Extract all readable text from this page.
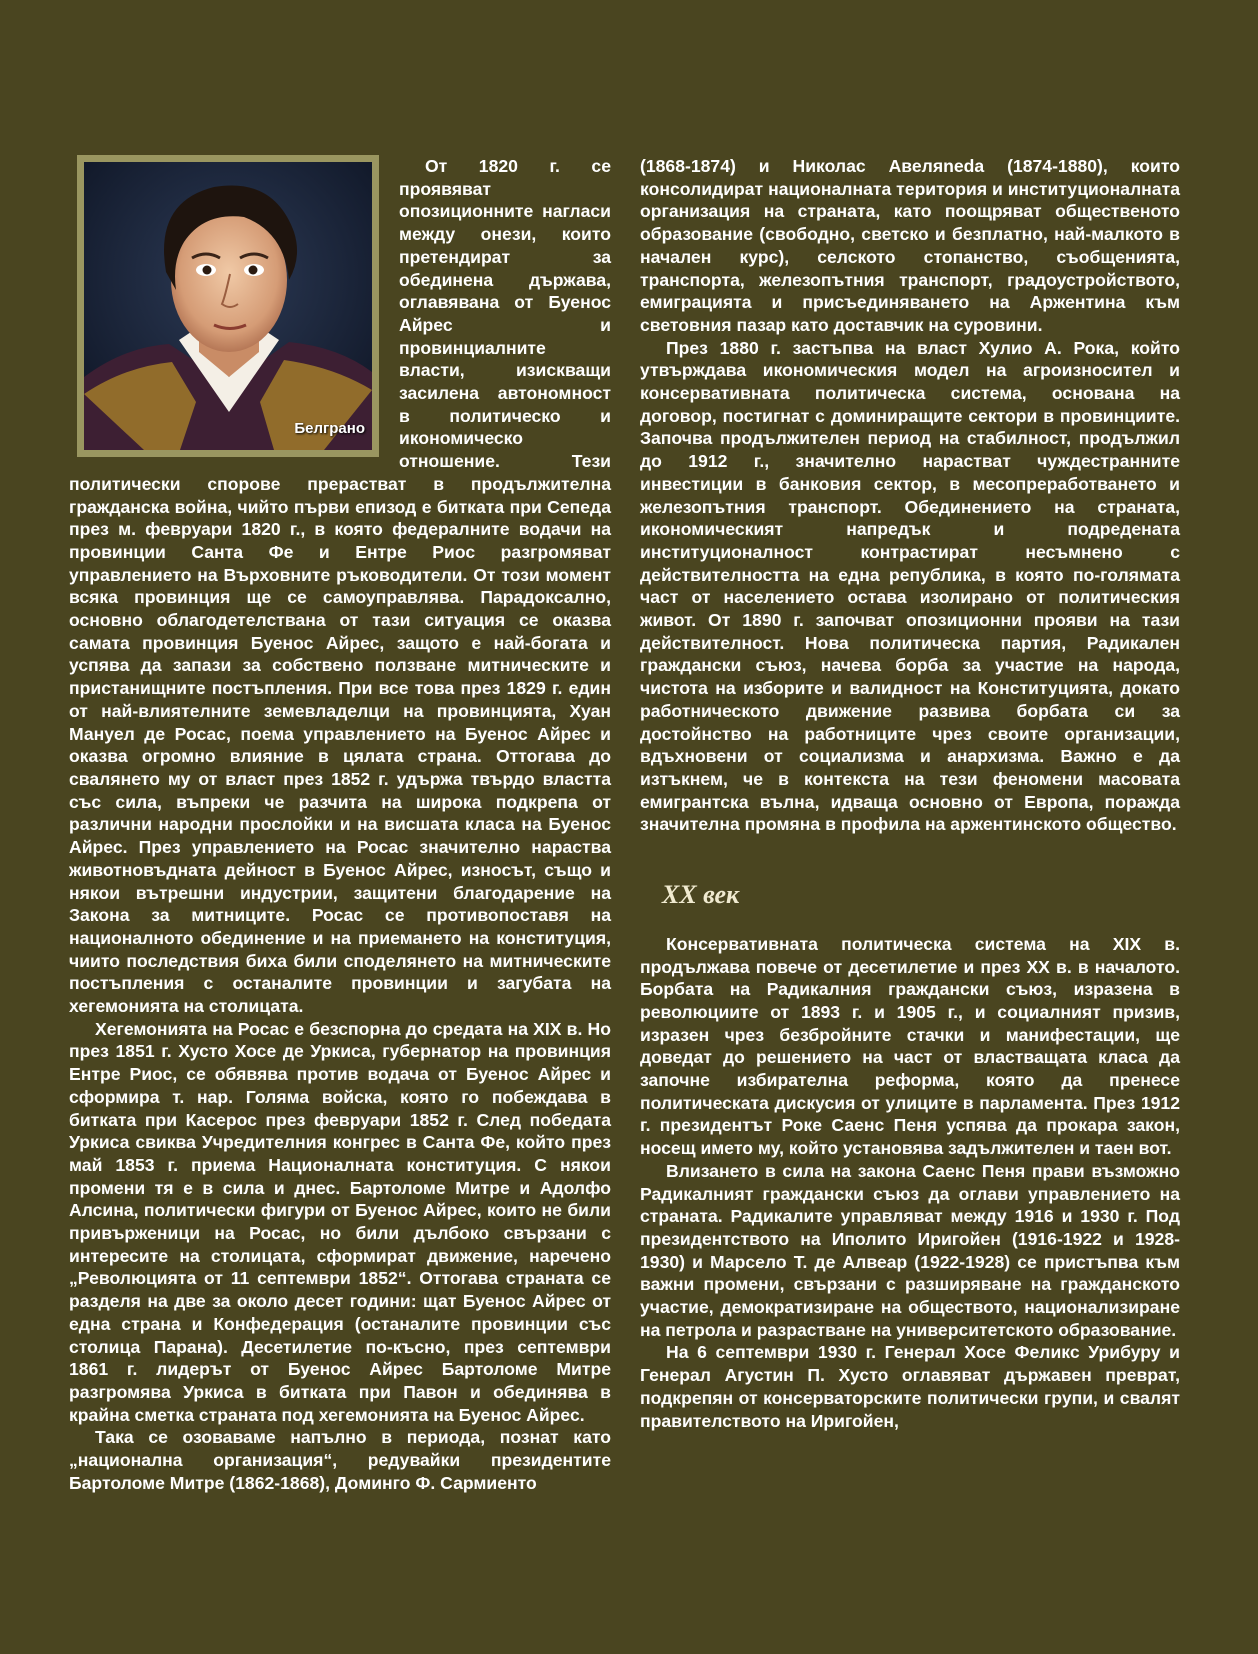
Белграно

От 1820 г. се проявяват опозиционните нагласи между онези, които претендират за обединена държава, оглавявана от Буенос Айрес и провинциалните власти, изискващи засилена автономност в политическо и икономическо отношение. Тези политически спорове прерастват в продължителна гражданска война, чийто първи епизод е битката при Сепеда през м. февруари 1820 г., в която федералните водачи на провинции Санта Фе и Ентре Риос разгромяват управлението на Върховните ръководители. От този момент всяка провинция ще се самоуправлява. Парадоксално, основно облагодетелствана от тази ситуация се оказва самата провинция Буенос Айрес, защото е най-богата и успява да запази за собствено ползване митническите и пристанищните постъпления. При все това през 1829 г. един от най-влиятелните земевладелци на провинцията, Хуан Мануел де Росас, поема управлението на Буенос Айрес и оказва огромно влияние в цялата страна. Оттогава до свалянето му от власт през 1852 г. удържа твърдо властта със сила, въпреки че разчита на широка подкрепа от различни народни прослойки и на висшата класа на Буенос Айрес. През управлението на Росас значително нараства животновъдната дейност в Буенос Айрес, износът, също и някои вътрешни индустрии, защитени благодарение на Закона за митниците. Росас се противопоставя на националното обединение и на приемането на конституция, чиито последствия биха били споделянето на митническите постъпления с останалите провинции и загубата на хегемонията на столицата.

Хегемонията на Росас е безспорна до средата на XIX в. Но през 1851 г. Хусто Хосе де Уркиса, губернатор на провинция Ентре Риос, се обявява против водача от Буенос Айрес и сформира т. нар. Голяма войска, която го побеждава в битката при Касерос през февруари 1852 г. След победата Уркиса свиква Учредителния конгрес в Санта Фе, който през май 1853 г. приема Националната конституция. С някои промени тя е в сила и днес. Бартоломе Митре и Адолфо Алсина, политически фигури от Буенос Айрес, които не били привърженици на Росас, но били дълбоко свързани с интересите на столицата, сформират движение, наречено „Революцията от 11 септември 1852“. Оттогава страната се разделя на две за около десет години: щат Буенос Айрес от една страна и Конфедерация (останалите провинции със столица Парана). Десетилетие по-късно, през септември 1861 г. лидерът от Буенос Айрес Бартоломе Митре разгромява Уркиса в битката при Павон и обединява в крайна сметка страната под хегемонията на Буенос Айрес.

Така се озоваваме напълно в периода, познат като „национална организация“, редувайки президентите Бартоломе Митре (1862-1868), Доминго Ф. Сармиенто

(1868-1874) и Николас Авеляneda (1874-1880), които консолидират националната територия и институционалната организация на страната, като поощряват общественото образование (свободно, светско и безплатно, най-малкото в начален курс), селското стопанство, съобщенията, транспорта, железопътния транспорт, градоустройството, емиграцията и присъединяването на Аржентина към световния пазар като доставчик на суровини.

През 1880 г. застъпва на власт Хулио А. Рока, който утвърждава икономическия модел на агроизносител и консервативната политическа система, основана на договор, постигнат с доминиращите сектори в провинциите. Започва продължителен период на стабилност, продължил до 1912 г., значително нарастват чуждестранните инвестиции в банковия сектор, в месопреработването и железопътния транспорт. Обединението на страната, икономическият напредък и подредената институционалност контрастират несъмнено с действителността на една република, в която по-голямата част от населението остава изолирано от политическия живот. От 1890 г. започват опозиционни прояви на тази действителност. Нова политическа партия, Радикален граждански съюз, начева борба за участие на народа, чистота на изборите и валидност на Конституцията, докато работническото движение развива борбата си за достойнство на работниците чрез своите организации, вдъхновени от социализма и анархизма. Важно е да изтъкнем, че в контекста на тези феномени масовата емигрантска вълна, идваща основно от Европа, поражда значителна промяна в профила на аржентинското общество.

XX век

Консервативната политическа система на XIX в. продължава повече от десетилетие и през XX в. в началото. Борбата на Радикалния граждански съюз, изразена в революциите от 1893 г. и 1905 г., и социалният призив, изразен чрез безбройните стачки и манифестации, ще доведат до решението на част от властващата класа да започне избирателна реформа, която да пренесе политическата дискусия от улиците в парламента. През 1912 г. президентът Роке Саенс Пеня успява да прокара закон, носещ името му, който установява задължителен и таен вот.

Влизането в сила на закона Саенс Пеня прави възможно Радикалният граждански съюз да оглави управлението на страната. Радикалите управляват между 1916 и 1930 г. Под президентството на Иполито Иригойен (1916-1922 и 1928-1930) и Марсело Т. де Алвеар (1922-1928) се пристъпва към важни промени, свързани с разширяване на гражданското участие, демократизиране на обществото, национализиране на петрола и разрастване на университетското образование.

На 6 септември 1930 г. Генерал Хосе Феликс Урибуру и Генерал Агустин П. Хусто оглавяват държавен преврат, подкрепян от консерваторските политически групи, и свалят правителството на Иригойен,
